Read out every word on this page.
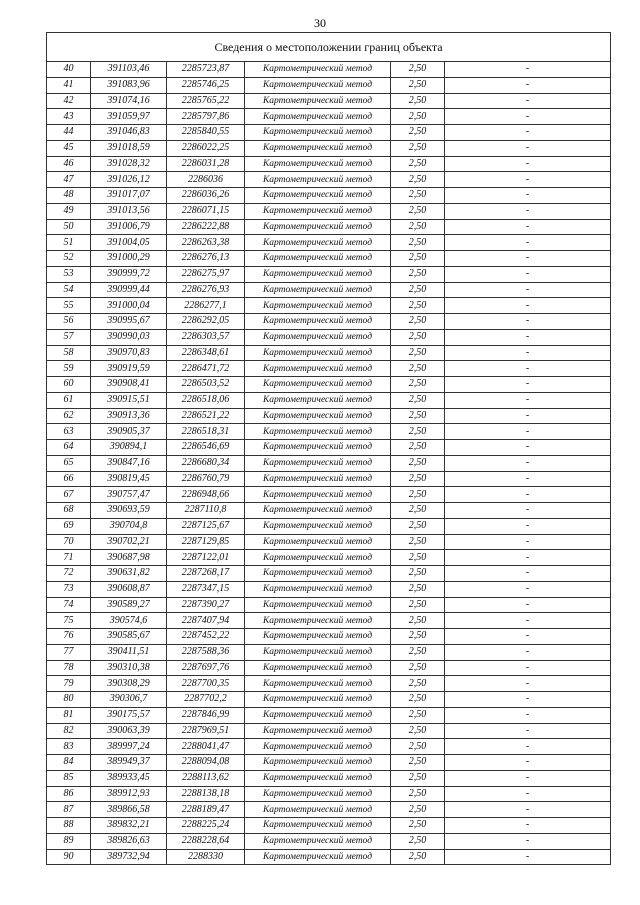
30
Сведения о местоположении границ объекта					
40	391103,46	2285723,87	Картометрический метод	2,50	-
41	391083,96	2285746,25	Картометрический метод	2,50	-
42	391074,16	2285765,22	Картометрический метод	2,50	-
43	391059,97	2285797,86	Картометрический метод	2,50	-
44	391046,83	2285840,55	Картометрический метод	2,50	-
45	391018,59	2286022,25	Картометрический метод	2,50	-
46	391028,32	2286031,28	Картометрический метод	2,50	-
47	391026,12	2286036	Картометрический метод	2,50	-
48	391017,07	2286036,26	Картометрический метод	2,50	-
49	391013,56	2286071,15	Картометрический метод	2,50	-
50	391006,79	2286222,88	Картометрический метод	2,50	-
51	391004,05	2286263,38	Картометрический метод	2,50	-
52	391000,29	2286276,13	Картометрический метод	2,50	-
53	390999,72	2286275,97	Картометрический метод	2,50	-
54	390999,44	2286276,93	Картометрический метод	2,50	-
55	391000,04	2286277,1	Картометрический метод	2,50	-
56	390995,67	2286292,05	Картометрический метод	2,50	-
57	390990,03	2286303,57	Картометрический метод	2,50	-
58	390970,83	2286348,61	Картометрический метод	2,50	-
59	390919,59	2286471,72	Картометрический метод	2,50	-
60	390908,41	2286503,52	Картометрический метод	2,50	-
61	390915,51	2286518,06	Картометрический метод	2,50	-
62	390913,36	2286521,22	Картометрический метод	2,50	-
63	390905,37	2286518,31	Картометрический метод	2,50	-
64	390894,1	2286546,69	Картометрический метод	2,50	-
65	390847,16	2286680,34	Картометрический метод	2,50	-
66	390819,45	2286760,79	Картометрический метод	2,50	-
67	390757,47	2286948,66	Картометрический метод	2,50	-
68	390693,59	2287110,8	Картометрический метод	2,50	-
69	390704,8	2287125,67	Картометрический метод	2,50	-
70	390702,21	2287129,85	Картометрический метод	2,50	-
71	390687,98	2287122,01	Картометрический метод	2,50	-
72	390631,82	2287268,17	Картометрический метод	2,50	-
73	390608,87	2287347,15	Картометрический метод	2,50	-
74	390589,27	2287390,27	Картометрический метод	2,50	-
75	390574,6	2287407,94	Картометрический метод	2,50	-
76	390585,67	2287452,22	Картометрический метод	2,50	-
77	390411,51	2287588,36	Картометрический метод	2,50	-
78	390310,38	2287697,76	Картометрический метод	2,50	-
79	390308,29	2287700,35	Картометрический метод	2,50	-
80	390306,7	2287702,2	Картометрический метод	2,50	-
81	390175,57	2287846,99	Картометрический метод	2,50	-
82	390063,39	2287969,51	Картометрический метод	2,50	-
83	389997,24	2288041,47	Картометрический метод	2,50	-
84	389949,37	2288094,08	Картометрический метод	2,50	-
85	389933,45	2288113,62	Картометрический метод	2,50	-
86	389912,93	2288138,18	Картометрический метод	2,50	-
87	389866,58	2288189,47	Картометрический метод	2,50	-
88	389832,21	2288225,24	Картометрический метод	2,50	-
89	389826,63	2288228,64	Картометрический метод	2,50	-
90	389732,94	2288330	Картометрический метод	2,50	-
